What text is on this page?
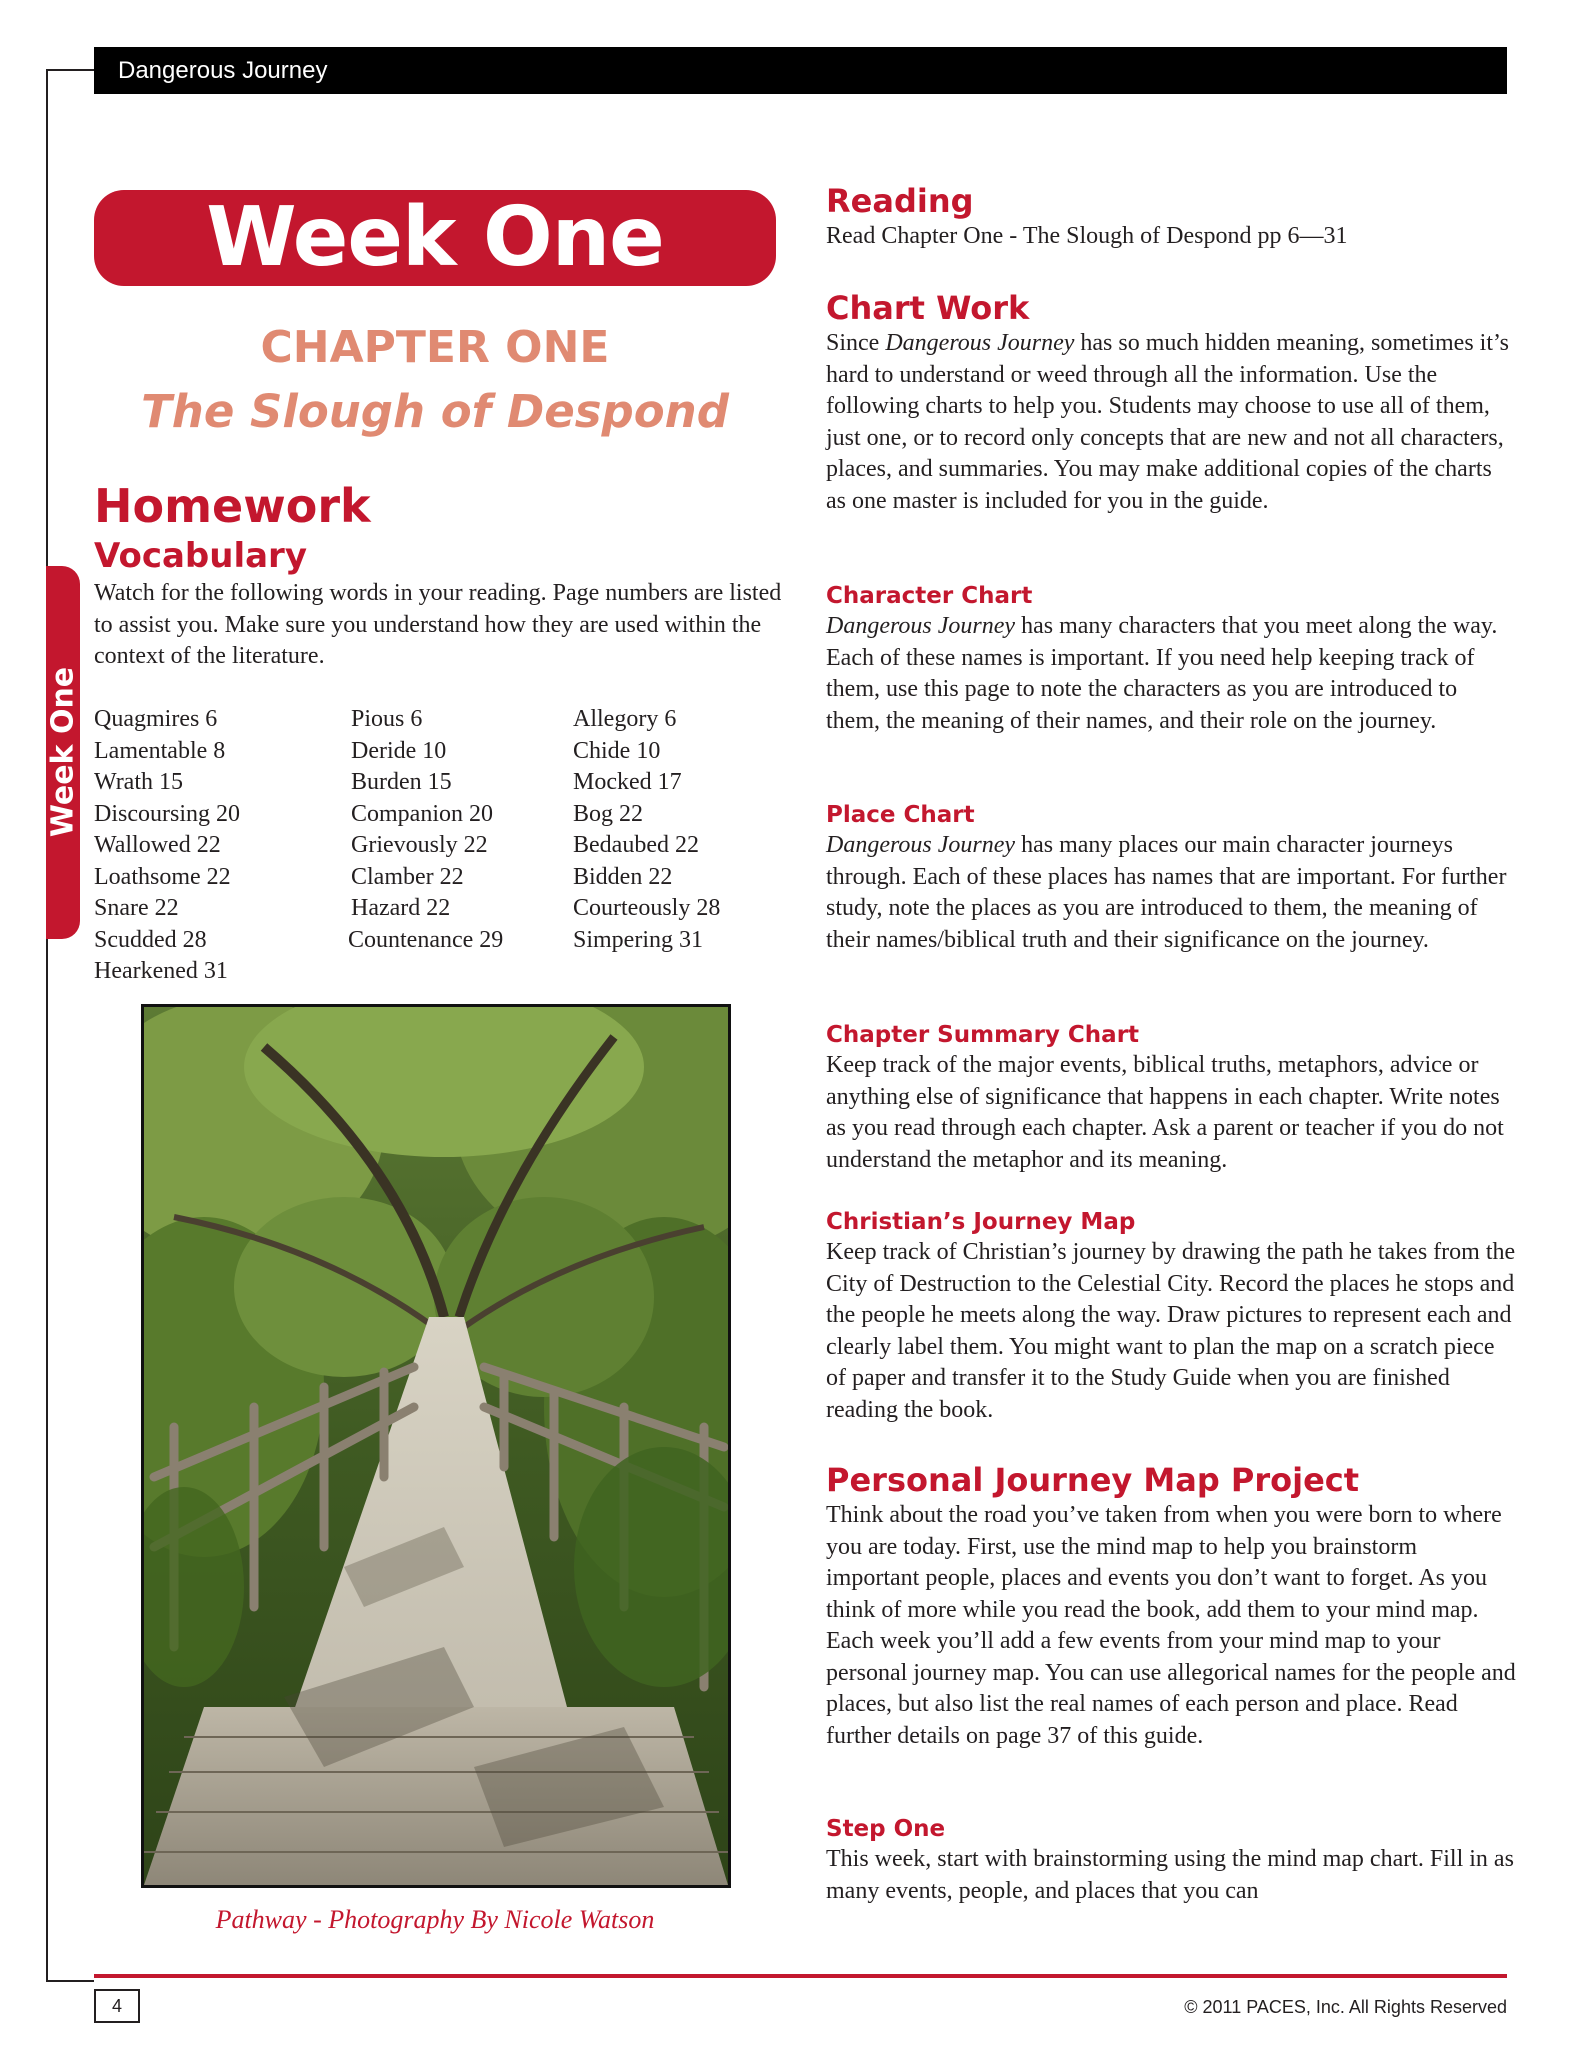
Dangerous Journey
Week One
CHAPTER ONE
The Slough of Despond
Homework
Vocabulary
Watch for the following words in your reading. Page numbers are listed to assist you. Make sure you understand how they are used within the context of the literature.
Week One Quagmires 6
Lamentable 8
Wrath 15
Discoursing 20
Wallowed 22
Loathsome 22
Snare 22
Scudded 28
Hearkened 31
Pious 6
Deride 10
Burden 15
Companion 20
Grievously 22
Clamber 22
Hazard 22
Countenance 29
Allegory 6
Chide 10
Mocked 17
Bog 22
Bedaubed 22
Bidden 22
Courteously 28
Simpering 31
Pathway - Photography By Nicole Watson
Reading
Read Chapter One - The Slough of Despond pp 6—31
Chart Work
Since Dangerous Journey has so much hidden meaning, sometimes it’s hard to understand or weed through all the information. Use the following charts to help you. Students may choose to use all of them, just one, or to record only concepts that are new and not all characters, places, and summaries. You may make additional copies of the charts as one master is included for you in the guide.
Character Chart
Dangerous Journey has many characters that you meet along the way. Each of these names is important. If you need help keeping track of them, use this page to note the characters as you are introduced to them, the meaning of their names, and their role on the journey.
Place Chart
Dangerous Journey has many places our main character journeys through. Each of these places has names that are important. For further study, note the places as you are introduced to them, the meaning of their names/biblical truth and their significance on the journey.
Chapter Summary Chart
Keep track of the major events, biblical truths, metaphors, advice or anything else of significance that happens in each chapter. Write notes as you read through each chapter. Ask a parent or teacher if you do not understand the metaphor and its meaning.
Christian’s Journey Map
Keep track of Christian’s journey by drawing the path he takes from the City of Destruction to the Celestial City. Record the places he stops and the people he meets along the way. Draw pictures to represent each and clearly label them. You might want to plan the map on a scratch piece of paper and transfer it to the Study Guide when you are finished reading the book.
Personal Journey Map Project
Think about the road you’ve taken from when you were born to where you are today. First, use the mind map to help you brainstorm important people, places and events you don’t want to forget. As you think of more while you read the book, add them to your mind map. Each week you’ll add a few events from your mind map to your personal journey map. You can use allegorical names for the people and places, but also list the real names of each person and place. Read further details on page 37 of this guide.
Step One
This week, start with brainstorming using the mind map chart. Fill in as many events, people, and places that you can
4	© 2011 PACES, Inc. All Rights Reserved
